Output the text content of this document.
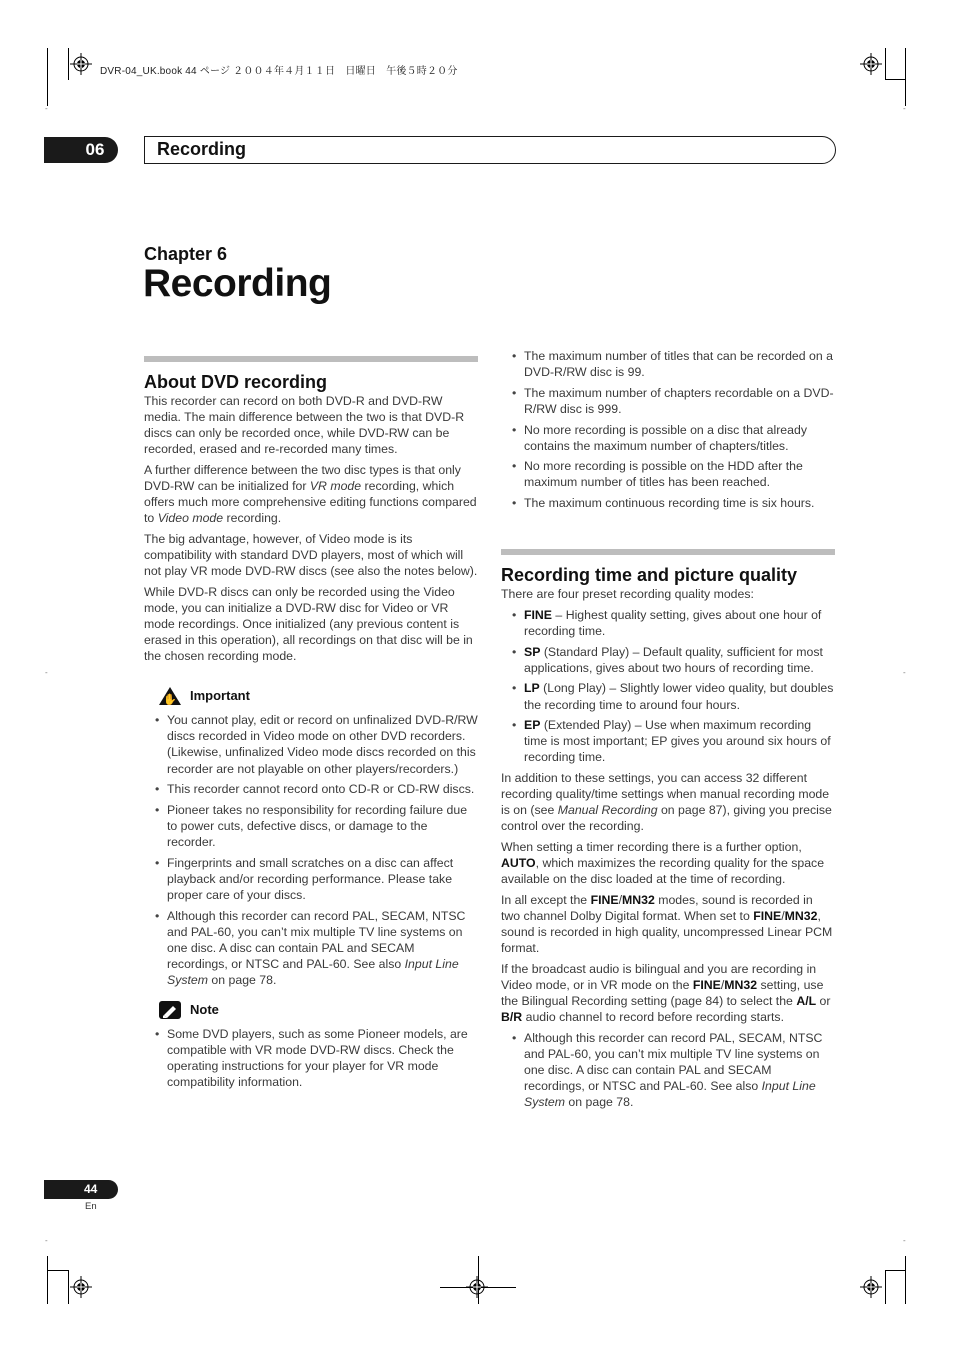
-	-
-	-
-	-
DVR-04_UK.book 44 ページ ２００４年４月１１日　日曜日　午後５時２０分
06	Recording
Chapter 6
Recording
About DVD recording

This recorder can record on both DVD-R and DVD-RW media. The main difference between the two is that DVD-R discs can only be recorded once, while DVD-RW can be recorded, erased and re-recorded many times.

A further difference between the two disc types is that only DVD-RW can be initialized for VR mode recording, which offers much more comprehensive editing functions compared to Video mode recording.

The big advantage, however, of Video mode is its compatibility with standard DVD players, most of which will not play VR mode DVD-RW discs (see also the notes below).

While DVD-R discs can only be recorded using the Video mode, you can initialize a DVD-RW disc for Video or VR mode recordings. Once initialized (any previous content is erased in this operation), all recordings on that disc will be in the chosen recording mode.

✋ Important
• You cannot play, edit or record on unfinalized DVD-R/RW discs recorded in Video mode on other DVD recorders. (Likewise, unfinalized Video mode discs recorded on this recorder are not playable on other players/recorders.)
• This recorder cannot record onto CD-R or CD-RW discs.
• Pioneer takes no responsibility for recording failure due to power cuts, defective discs, or damage to the recorder.
• Fingerprints and small scratches on a disc can affect playback and/or recording performance. Please take proper care of your discs.
• Although this recorder can record PAL, SECAM, NTSC and PAL-60, you can’t mix multiple TV line systems on one disc. A disc can contain PAL and SECAM recordings, or NTSC and PAL-60. See also Input Line System on page 78.
Note
• Some DVD players, such as some Pioneer models, are compatible with VR mode DVD-RW discs. Check the operating instructions for your player for VR mode compatibility information.
• The maximum number of titles that can be recorded on a DVD-R/RW disc is 99.
• The maximum number of chapters recordable on a DVD-R/RW disc is 999.
• No more recording is possible on a disc that already contains the maximum number of chapters/titles.
• No more recording is possible on the HDD after the maximum number of titles has been reached.
• The maximum continuous recording time is six hours.
Recording time and picture quality

There are four preset recording quality modes:

• FINE – Highest quality setting, gives about one hour of recording time.
• SP (Standard Play) – Default quality, sufficient for most applications, gives about two hours of recording time.
• LP (Long Play) – Slightly lower video quality, but doubles the recording time to around four hours.
• EP (Extended Play) – Use when maximum recording time is most important; EP gives you around six hours of recording time.

In addition to these settings, you can access 32 different recording quality/time settings when manual recording mode is on (see Manual Recording on page 87), giving you precise control over the recording.

When setting a timer recording there is a further option, AUTO, which maximizes the recording quality for the space available on the disc loaded at the time of recording.

In all except the FINE/MN32 modes, sound is recorded in two channel Dolby Digital format. When set to FINE/MN32, sound is recorded in high quality, uncompressed Linear PCM format.

If the broadcast audio is bilingual and you are recording in Video mode, or in VR mode on the FINE/MN32 setting, use the Bilingual Recording setting (page 84) to select the A/L or B/R audio channel to record before recording starts.

• Although this recorder can record PAL, SECAM, NTSC and PAL-60, you can’t mix multiple TV line systems on one disc. A disc can contain PAL and SECAM recordings, or NTSC and PAL-60. See also Input Line System on page 78.
44
En
